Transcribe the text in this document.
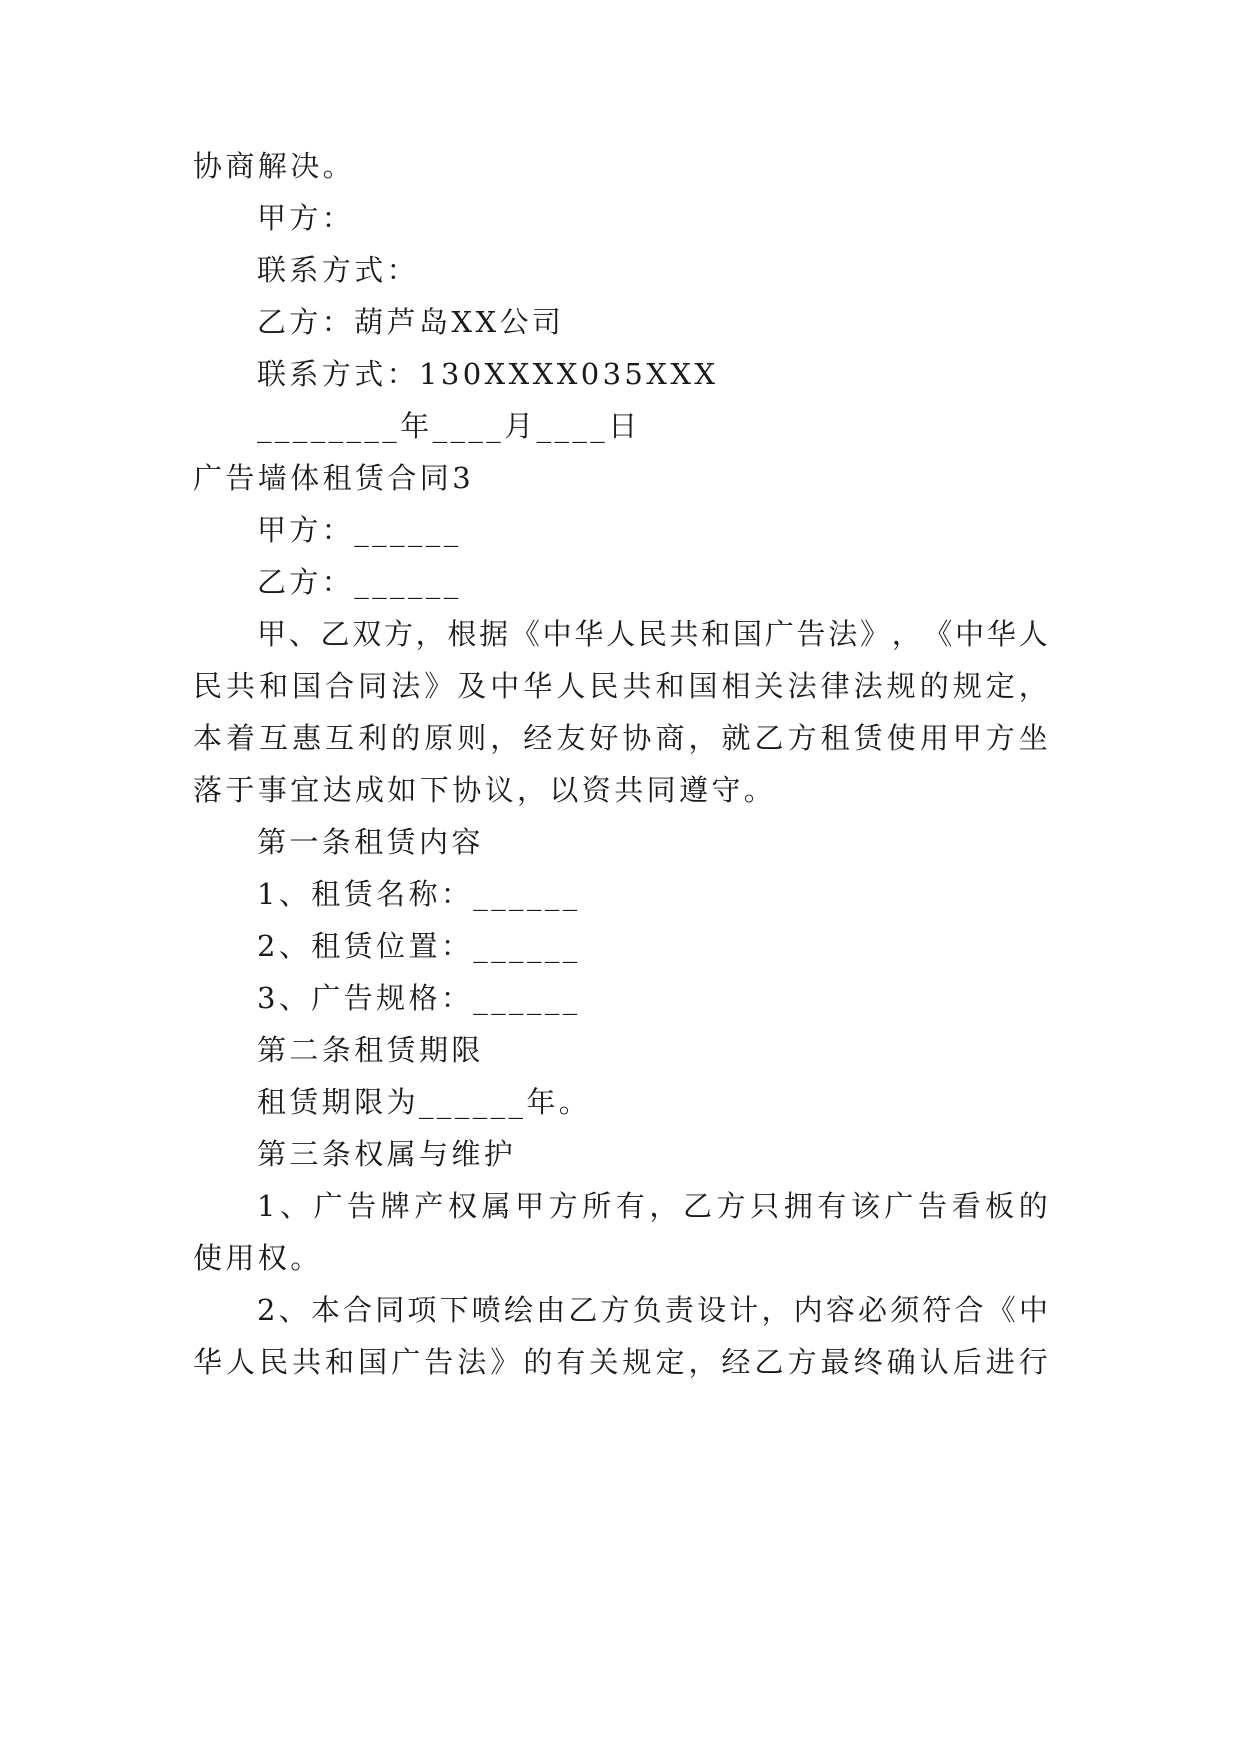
协商解决。
甲方：
联系方式：
乙方：葫芦岛XX公司
联系方式：130XXXX035XXX
________年____月____日
广告墙体租赁合同3
甲方：______
乙方：______
甲 、 乙 双 方 ， 根 据 《 中 华 人 民 共 和 国 广 告 法 》 ， 《 中 华 人
民 共 和 国 合 同 法 》 及 中 华 人 民 共 和 国 相 关 法 律 法 规 的 规 定 ，
本 着 互 惠 互 利 的 原 则 ， 经 友 好 协 商 ， 就 乙 方 租 赁 使 用 甲 方 坐
落于事宜达成如下协议，以资共同遵守。
第一条租赁内容
1、租赁名称：______
2、租赁位置：______
3、广告规格：______
第二条租赁期限
租赁期限为______年。
第三条权属与维护
1 、 广 告 牌 产 权 属 甲 方 所 有 ， 乙 方 只 拥 有 该 广 告 看 板 的
使用权。
2 、 本 合 同 项 下 喷 绘 由 乙 方 负 责 设 计 ， 内 容 必 须 符 合 《 中
华 人 民 共 和 国 广 告 法 》 的 有 关 规 定 ， 经 乙 方 最 终 确 认 后 进 行
